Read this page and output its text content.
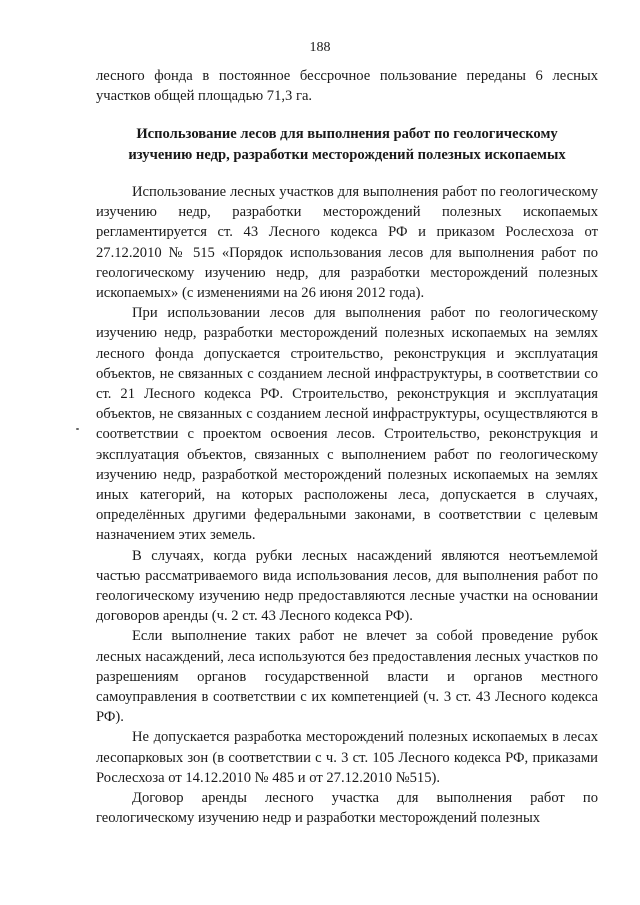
188

лесного фонда в постоянное бессрочное пользование переданы 6 лесных участков общей площадью 71,3 га.

Использование лесов для выполнения работ по геологическому
изучению недр, разработки месторождений полезных ископаемых

Использование лесных участков для выполнения работ по геологическому изучению недр, разработки месторождений полезных ископаемых регламентируется ст. 43 Лесного кодекса РФ и приказом Рослесхоза от 27.12.2010 № 515 «Порядок использования лесов для выполнения работ по геологическому изучению недр, для разработки месторождений полезных ископаемых» (с изменениями на 26 июня 2012 года).

При использовании лесов для выполнения работ по геологическому изучению недр, разработки месторождений полезных ископаемых на землях лесного фонда допускается строительство, реконструкция и эксплуатация объектов, не связанных с созданием лесной инфраструктуры, в соответствии со ст. 21 Лесного кодекса РФ. Строительство, реконструкция и эксплуатация объектов, не связанных с созданием лесной инфраструктуры, осуществляются в соответствии с проектом освоения лесов. Строительство, реконструкция и эксплуатация объектов, связанных с выполнением работ по геологическому изучению недр, разработкой месторождений полезных ископаемых на землях иных категорий, на которых расположены леса, допускается в случаях, определённых другими федеральными законами, в соответствии с целевым назначением этих земель.

В случаях, когда рубки лесных насаждений являются неотъемлемой частью рассматриваемого вида использования лесов, для выполнения работ по геологическому изучению недр предоставляются лесные участки на основании договоров аренды (ч. 2 ст. 43 Лесного кодекса РФ).

Если выполнение таких работ не влечет за собой проведение рубок лесных насаждений, леса используются без предоставления лесных участков по разрешениям органов государственной власти и органов местного самоуправления в соответствии с их компетенцией (ч. 3 ст. 43 Лесного кодекса РФ).

Не допускается разработка месторождений полезных ископаемых в лесах лесопарковых зон (в соответствии с ч. 3 ст. 105 Лесного кодекса РФ, приказами Рослесхоза от 14.12.2010 № 485 и от 27.12.2010 №515).

Договор аренды лесного участка для выполнения работ по геологическому изучению недр и разработки месторождений полезных
